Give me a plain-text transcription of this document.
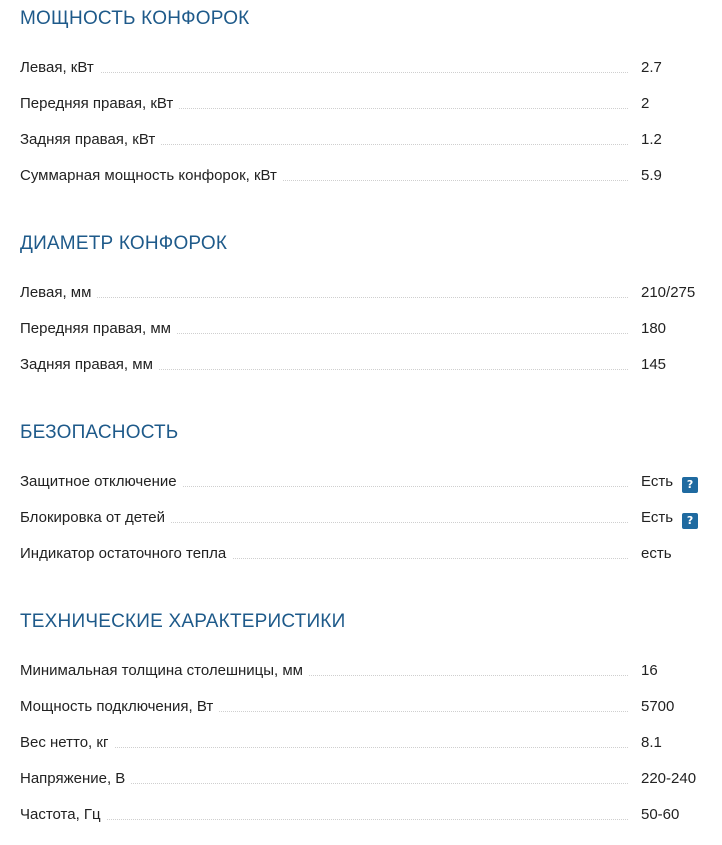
МОЩНОСТЬ КОНФОРОК
Левая, кВт	2.7
Передняя правая, кВт	2
Задняя правая, кВт	1.2
Суммарная мощность конфорок, кВт	5.9
ДИАМЕТР КОНФОРОК
Левая, мм	210/275
Передняя правая, мм	180
Задняя правая, мм	145
БЕЗОПАСНОСТЬ
Защитное отключение	Есть ?
Блокировка от детей	Есть ?
Индикатор остаточного тепла	есть
ТЕХНИЧЕСКИЕ ХАРАКТЕРИСТИКИ
Минимальная толщина столешницы, мм	16
Мощность подключения, Вт	5700
Вес нетто, кг	8.1
Напряжение, В	220-240
Частота, Гц	50-60
